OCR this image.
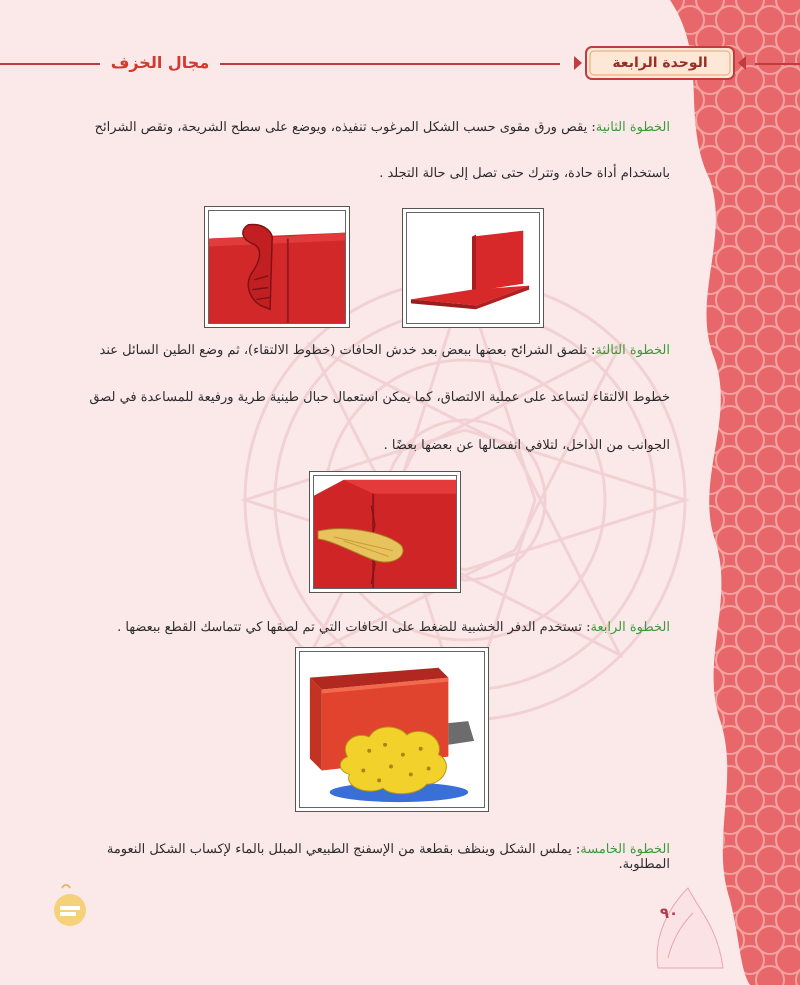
مجال الخزف	الوحدة الرابعة
الخطوة الثانية: يقص ورق مقوى حسب الشكل المرغوب تنفيذه، ويوضع على سطح الشريحة، وتقص الشرائح
باستخدام أداة حادة، وتترك حتى تصل إلى حالة التجلد .
الخطوة الثالثة: تلصق الشرائح بعضها ببعض بعد خدش الحافات (خطوط الالتقاء)، ثم وضع الطين السائل عند
خطوط الالتقاء لتساعد على عملية الالتصاق، كما يمكن استعمال حبال طينية طرية ورفيعة للمساعدة في لصق
الجوانب من الداخل، لتلافي انفصالها عن بعضها بعضًا .
الخطوة الرابعة: تستخدم الدفر الخشبية للضغط على الحافات التي تم لصقها كي تتماسك القطع ببعضها .
الخطوة الخامسة: يملس الشكل وينظف بقطعة من الإسفنج الطبيعي المبلل بالماء لإكساب الشكل النعومة المطلوبة.
٩٠
